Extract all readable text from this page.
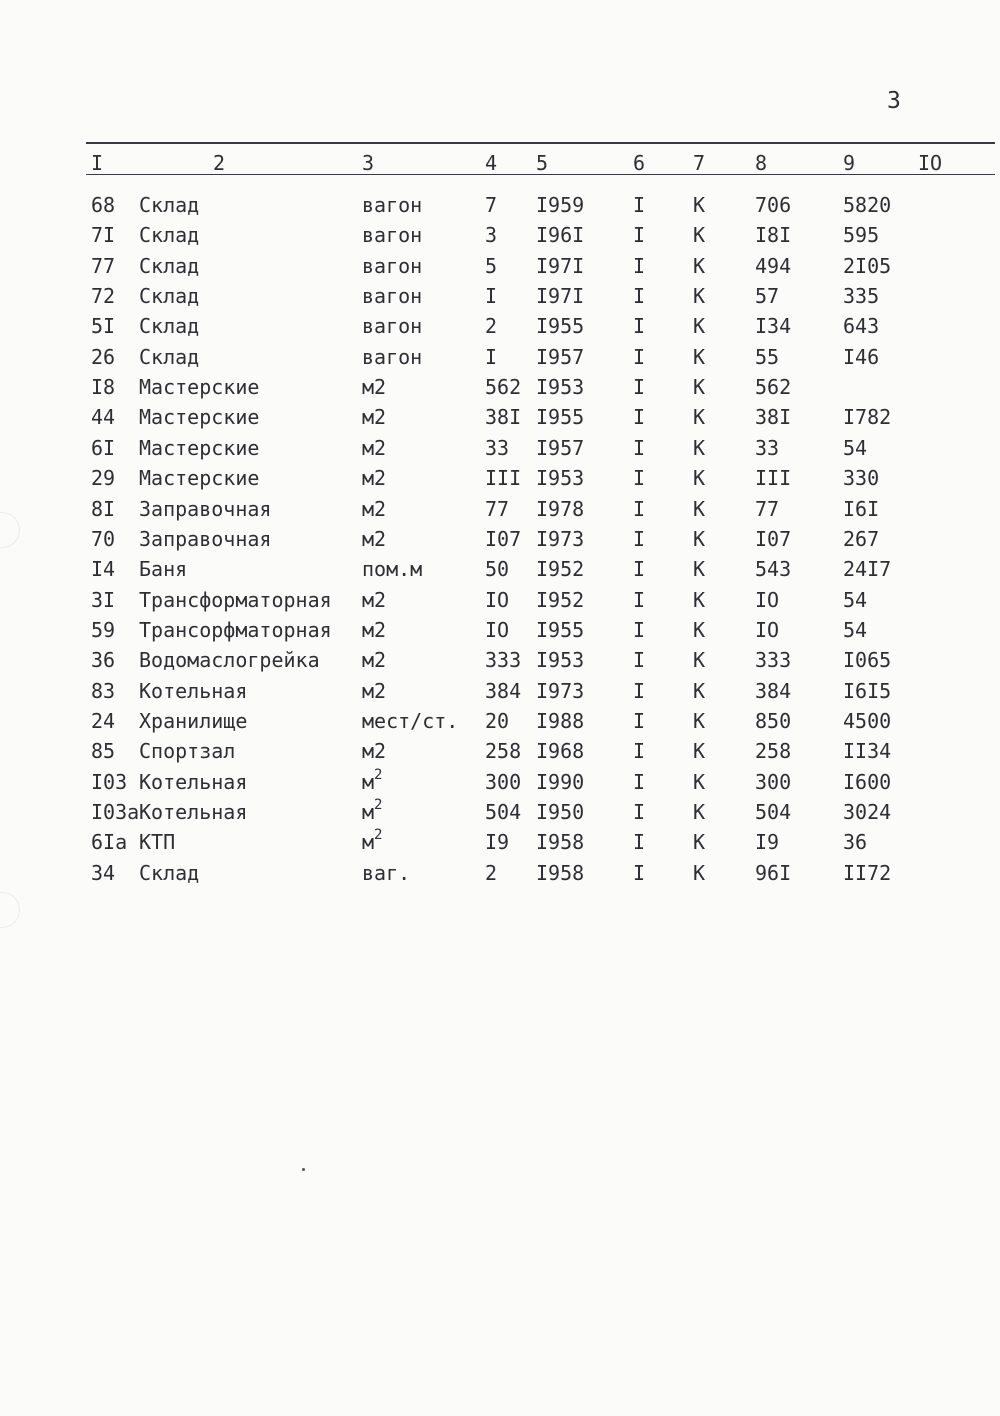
3
I	2	3	4 5	6 7 8	9	IO
68 Склад	вагон	7 I959 I К 706	5820
7I Склад	вагон	3 I96I I К I8I	595
77 Склад	вагон	5 I97I I К 494	2I05
72 Склад	вагон	I I97I I К 57	335
5I Склад	вагон	2 I955 I К I34	643
26 Склад	вагон	I I957 I К 55	I46
I8 Мастерские	м2	562 I953 I К 562
44 Мастерские	м2	38I I955 I К 38I	I782
6I Мастерские	м2	33 I957 I К 33	54
29 Мастерские	м2	III I953 I К III	330
8I Заправочная	м2	77 I978 I К 77	I6I
70 Заправочная	м2	I07 I973 I К I07	267
I4 Баня	пом.м	50 I952 I К 543	24I7
3I Трансформаторная м2	IO I952 I К IO	54
59 Трансорфматорная м2	IO I955 I К IO	54
36 Водомаслогрейка м2	333 I953 I К 333	I065
83 Котельная	м2	384 I973 I К 384	I6I5
24 Хранилище	мест/ст. 20 I988 I К 850	4500
85 Спортзал	м2	258 I968 I К 258	II34
I03 Котельная	$м^2$	300 I990 I К 300	I600
I03а Котельная	$м^2$	504 I950 I К 504	3024
6Iа КТП	$м^2$	I9 I958 I К I9	36
34 Склад	ваг.	2 I958 I К 96I	II72
